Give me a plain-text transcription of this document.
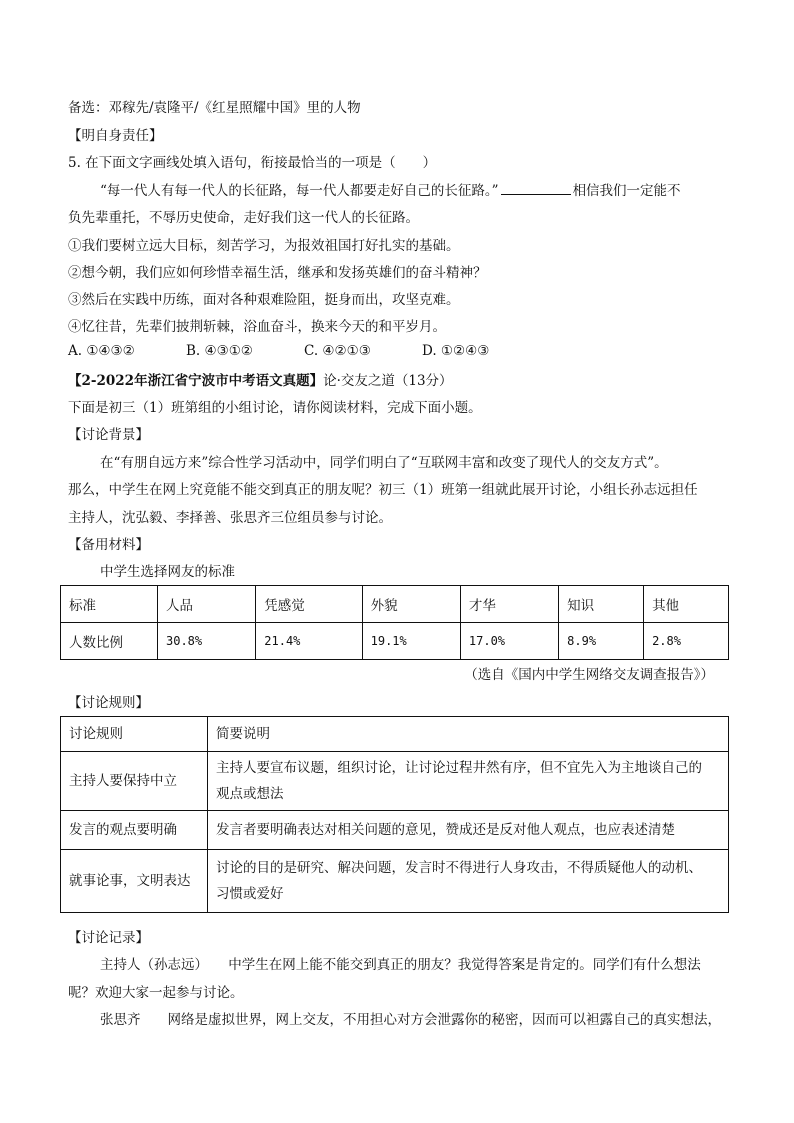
备选：邓稼先/袁隆平/《红星照耀中国》里的人物
【明自身责任】
5. 在下面文字画线处填入语句，衔接最恰当的一项是（　　）
“每一代人有每一代人的长征路，每一代人都要走好自己的长征路。”	相信我们一定能不
负先辈重托，不辱历史使命，走好我们这一代人的长征路。
①我们要树立远大目标，刻苦学习，为报效祖国打好扎实的基础。
②想今朝，我们应如何珍惜幸福生活，继承和发扬英雄们的奋斗精神？
③然后在实践中历练，面对各种艰难险阻，挺身而出，攻坚克难。
④忆往昔，先辈们披荆斩棘，浴血奋斗，换来今天的和平岁月。
A. ①④③②	B. ④③①②	C. ④②①③	D. ①②④③
【2-2022年浙江省宁波市中考语文真题】论·交友之道（13分）
下面是初三（1）班第组的小组讨论，请你阅读材料，完成下面小题。
【讨论背景】
在“有朋自远方来”综合性学习活动中，同学们明白了“互联网丰富和改变了现代人的交友方式”。
那么，中学生在网上究竟能不能交到真正的朋友呢？初三（1）班第一组就此展开讨论，小组长孙志远担任
主持人，沈弘毅、李择善、张思齐三位组员参与讨论。
【备用材料】
中学生选择网友的标准
标准	人品	凭感觉	外貌	才华	知识	其他
人数比例	30.8%	21.4%	19.1%	17.0%	8.9%	2.8%
（选自《国内中学生网络交友调查报告》）
【讨论规则】
讨论规则	简要说明

主持人要保持中立	主持人要宣布议题，组织讨论，让讨论过程井然有序，但不宜先入为主地谈自己的
观点或想法

发言的观点要明确	发言者要明确表达对相关问题的意见，赞成还是反对他人观点，也应表述清楚

就事论事，文明表达	讨论的目的是研究、解决问题，发言时不得进行人身攻击，不得质疑他人的动机、
习惯或爱好
【讨论记录】
主持人（孙志远）　　中学生在网上能不能交到真正的朋友？我觉得答案是肯定的。同学们有什么想法
呢？欢迎大家一起参与讨论。
张思齐　　网络是虚拟世界，网上交友，不用担心对方会泄露你的秘密，因而可以袒露自己的真实想法，
